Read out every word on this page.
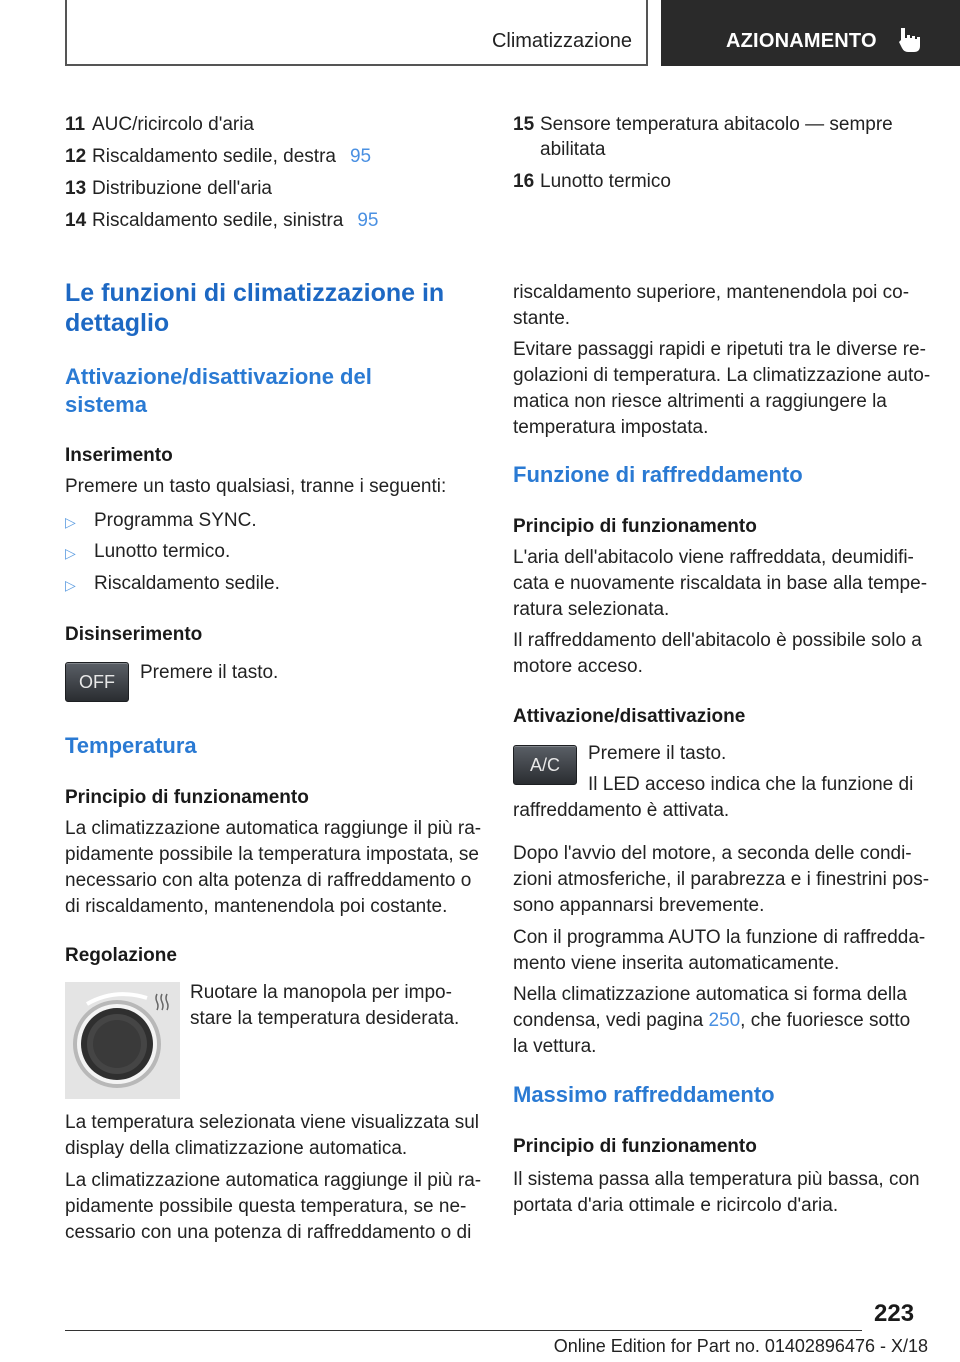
Climatizzazione	AZIONAMENTO
11 AUC/ricircolo d'aria
12 Riscaldamento sedile, destra 95
13 Distribuzione dell'aria
14 Riscaldamento sedile, sinistra 95
15 Sensore temperatura abitacolo — sempre
abilitata
16 Lunotto termico
Le funzioni di climatizzazione in
dettaglio
Attivazione/disattivazione del
sistema
Inserimento
Premere un tasto qualsiasi, tranne i seguenti:
▷ Programma SYNC.
▷ Lunotto termico.
▷ Riscaldamento sedile.
Disinserimento
OFF	Premere il tasto.
Temperatura
Principio di funzionamento
La climatizzazione automatica raggiunge il più ra-
pidamente possibile la temperatura impostata, se
necessario con alta potenza di raffreddamento o
di riscaldamento, mantenendola poi costante.
Regolazione
Ruotare la manopola per impo-
stare la temperatura desiderata.
La temperatura selezionata viene visualizzata sul
display della climatizzazione automatica.
La climatizzazione automatica raggiunge il più ra-
pidamente possibile questa temperatura, se ne-
cessario con una potenza di raffreddamento o di
riscaldamento superiore, mantenendola poi co-
stante.
Evitare passaggi rapidi e ripetuti tra le diverse re-
golazioni di temperatura. La climatizzazione auto-
matica non riesce altrimenti a raggiungere la
temperatura impostata.
Funzione di raffreddamento
Principio di funzionamento
L'aria dell'abitacolo viene raffreddata, deumidifi-
cata e nuovamente riscaldata in base alla tempe-
ratura selezionata.
Il raffreddamento dell'abitacolo è possibile solo a
motore acceso.
Attivazione/disattivazione
A/C
Premere il tasto.
Il LED acceso indica che la funzione di
raffreddamento è attivata.
Dopo l'avvio del motore, a seconda delle condi-
zioni atmosferiche, il parabrezza e i finestrini pos-
sono appannarsi brevemente.
Con il programma AUTO la funzione di raffredda-
mento viene inserita automaticamente.
Nella climatizzazione automatica si forma della
condensa, vedi pagina 250, che fuoriesce sotto
la vettura.
Massimo raffreddamento
Principio di funzionamento
Il sistema passa alla temperatura più bassa, con
portata d'aria ottimale e ricircolo d'aria.
223
Online Edition for Part no. 01402896476 - X/18
